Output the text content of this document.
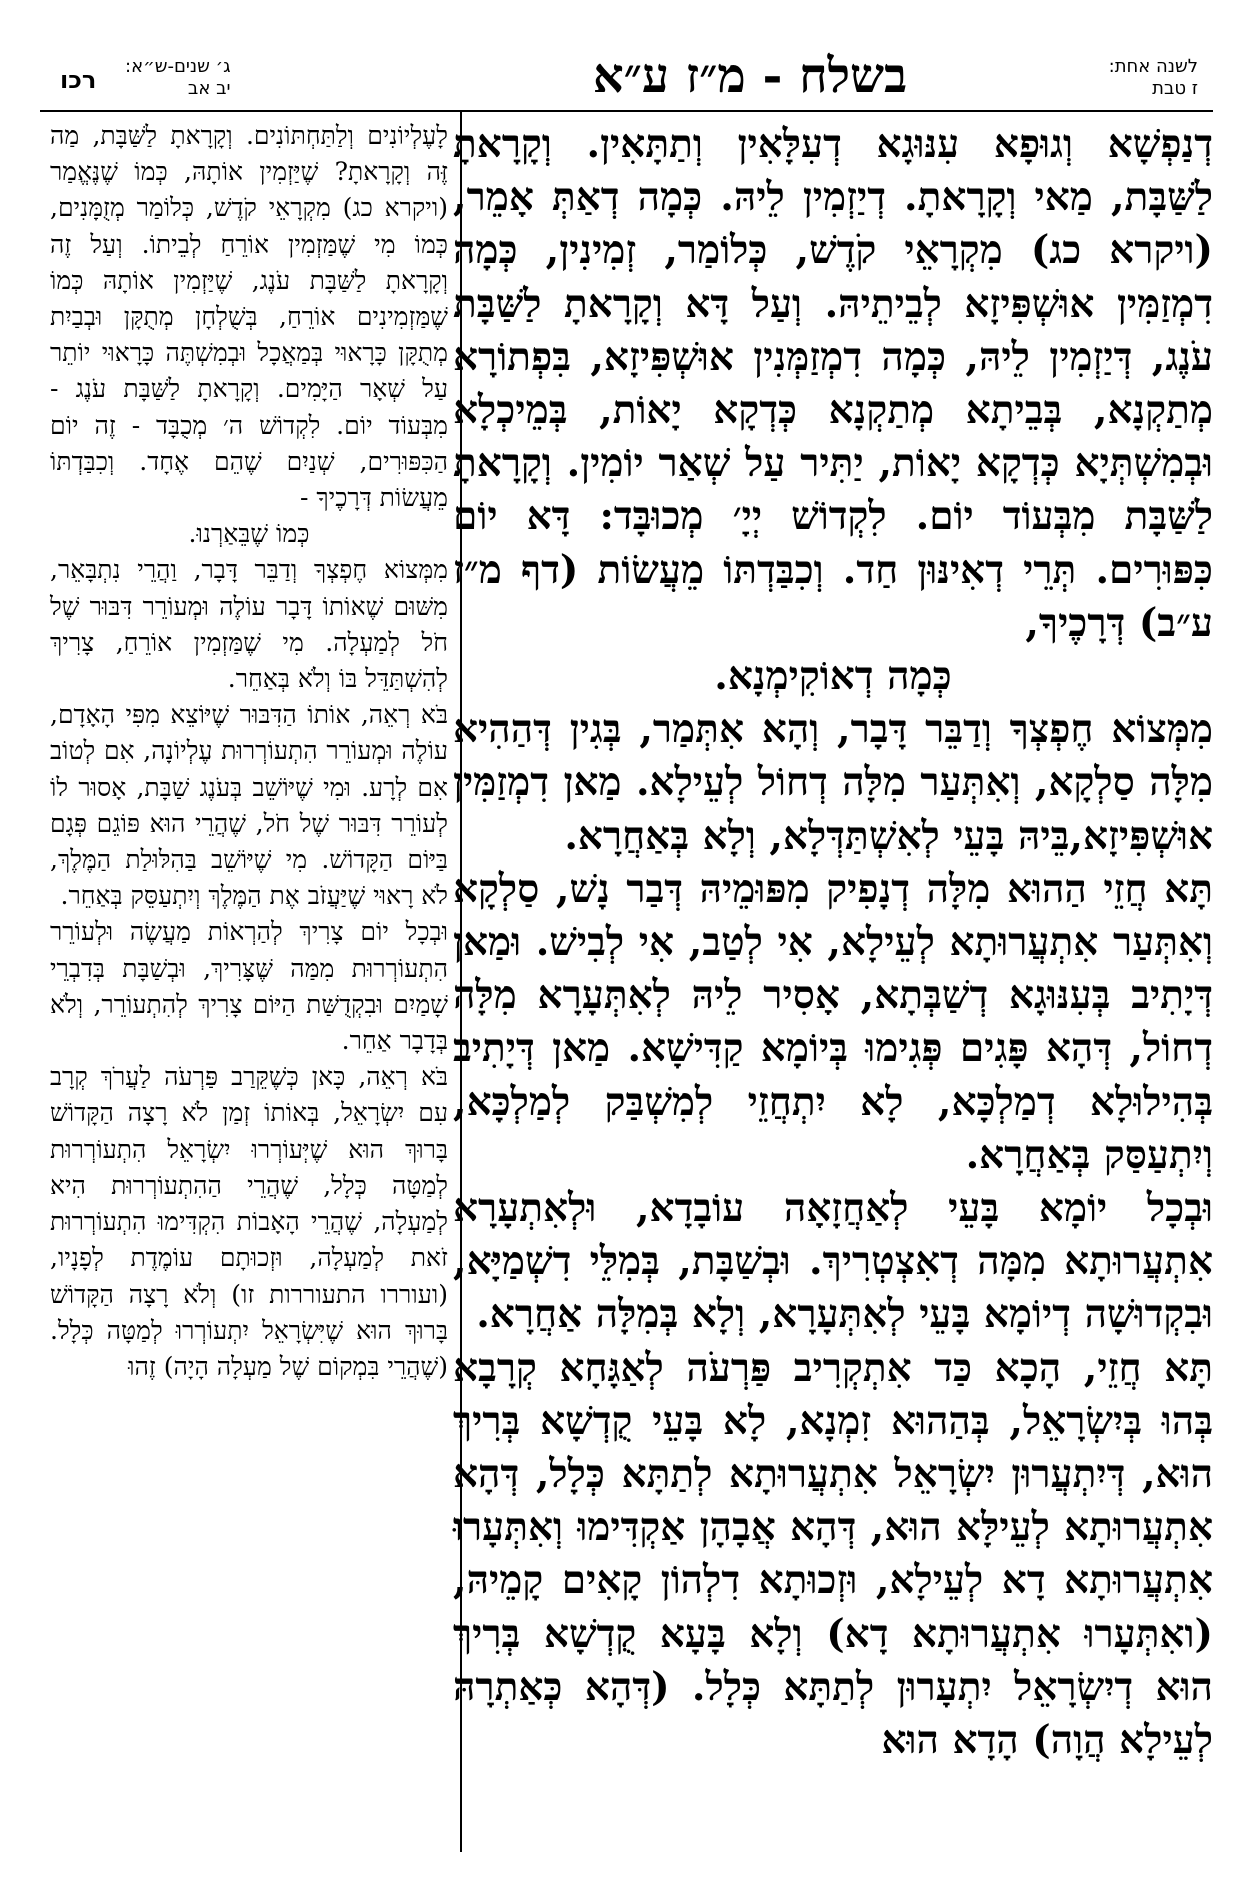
לשנה אחת:
ז טבת
בשלח - מ״ז ע״א
ג׳ שנים-ש״א:
יב אב
רכו

דְנַפְשָׁא וְגוּפָא עִנּוּגָא דְעִלָּאִין וְתַתָּאִין. וְקָרָאתָ לַשַּׁבָּת, מַאי וְקָרָאתָ. דְיַזְמִין לֵיהּ. כְּמָה דְאַתְּ אָמֵר, (ויקרא כג) מִקְרָאֵי קֹדֶשׁ, כְּלוֹמַר, זְמִינִין, כְּמָה דִמְזַמִּין אוּשְׁפִּיזָא לְבֵיתֵיהּ. וְעַל דָּא וְקָרָאתָ לַשַּׁבָּת עֹנֶג, דְּיַזְמִין לֵיהּ, כְּמָה דִמְזַמְּנִין אוּשְׁפִּיזָא, בִּפְתוֹרָא מְתַקְנָא, בְּבֵיתָא מְתַקְנָא כְּדְקָא יָאוֹת, בְּמֵיכְלָא וּבְמִשְׁתְּיָא כְּדְקָא יָאוֹת, יַתִּיר עַל שְׁאַר יוֹמִין. וְקָרָאתָ לַשַּׁבָּת מִבְּעוֹד יוֹם. לִקְדוֹשׁ יְיָ׳ מְכוּבָּד: דָּא יוֹם כִּפּוּרִים. תְּרֵי דְאִינּוּן חַד. וְכִבַּדְתּוֹ מֵעֲשׂוֹת (דף מ״ז ע״ב) דְּרָכֶיךָ,

כְּמָה דְאוֹקִימְנָא.

מִמְּצוֹא חֶפְצְךָ וְדַבֵּר דָּבָר, וְהָא אִתְּמַר, בְּגִין דְּהַהִיא מִלָּה סַלְקָא, וְאִתְּעַר מִלָּה דְחוֹל לְעֵילָא. מַאן דִמְזַמִּין אוּשְׁפִּיזָא,בֵּיהּ בָּעֵי לְאִשְׁתַּדְּלָא, וְלָא בְּאַחֲרָא.

תָּא חֲזֵי הַהוּא מִלָּה דְנָפִיק מִפּוּמֵיהּ דְּבַר נָשׁ, סַלְקָא וְאִתְּעַר אִתְעֲרוּתָא לְעֵילָא, אִי לְטַב, אִי לְבִישׁ. וּמַאן דְּיָתִיב בְּעִנּוּגָא דְשַׁבְּתָא, אָסִיר לֵיהּ לְאִתְּעָרָא מִלָּה דְחוֹל, דְּהָא פָּגִים פְּגִימוּ בְּיוֹמָא קַדִּישָׁא. מַאן דְּיָתִיב בְּהִילוּלָא דְמַלְכָּא, לָא יִתְחֲזֵי לְמִשְׁבַּק לְמַלְכָּא, וְיִתְעַסַּק בְּאַחֲרָא.

וּבְכָל יוֹמָא בָּעֵי לְאַחֲזָאָה עוֹבָדָא, וּלְאִתְעָרָא אִתְעֲרוּתָא מִמָּה דְאִצְטְרִיךְ. וּבְשַׁבָּת, בְּמִלֵּי דִשְׁמַיָּא, וּבִקְדוּשָׁה דְיוֹמָא בָּעֵי לְאִתְּעָרָא, וְלָא בְּמִלָּה אַחֲרָא.

תָּא חֲזֵי, הָכָא כַּד אִתְקְרִיב פַּרְעֹה לְאַגָּחָא קְרָבָא בְּהוּ בְּיִשְׂרָאֵל, בְּהַהוּא זִמְנָא, לָא בָּעֵי קֻדְשָׁא בְּרִיךְ הוּא, דְּיִתְעֲרוּן יִשְׂרָאֵל אִתְעֲרוּתָא לְתַתָּא כְּלָל, דְּהָא אִתְעֲרוּתָא לְעֵילָּא הוּא, דְּהָא אֲבָהָן אַקְדִּימוּ וְאִתְּעָרוּ אִתְעֲרוּתָא דָא לְעֵילָא, וּזְכוּתָא דִלְהוֹן קָאִים קָמֵיהּ, (ואִתְּעָרוּ אִתְעֲרוּתָא דָא) וְלָא בָּעָא קֻדְשָׁא בְּרִיךְ הוּא דְיִשְׂרָאֵל יִתְעָרוּן לְתַתָּא כְּלָל. (דְּהָא כְּאַתְרָהּ לְעֵילָא הֲוָה) הָדָא הוּא

לָעֶלְיוֹנִים וְלַתַּחְתּוֹנִים. וְקָרָאתָ לַשַּׁבָּת, מַה זֶּה וְקָרָאתָ? שֶׁיַּזְמִין אוֹתָהּ, כְּמוֹ שֶׁנֶּאֱמַר (ויקרא כג) מִקְרָאֵי קֹדֶשׁ, כְּלוֹמַר מְזֻמָּנִים, כְּמוֹ מִי שֶׁמַּזְמִין אוֹרֵחַ לְבֵיתוֹ. וְעַל זֶה וְקָרָאתָ לַשַּׁבָּת עֹנֶג, שֶׁיַּזְמִין אוֹתָהּ כְּמוֹ שֶׁמַּזְמִינִים אוֹרֵחַ, בְּשֻׁלְחָן מְתֻקָּן וּבְבַיִת מְתֻקָּן כָּרָאוּי בְּמַאֲכָל וּבְמִשְׁתֶּה כָּרָאוּי יוֹתֵר עַל שְׁאָר הַיָּמִים. וְקָרָאתָ לַשַּׁבָּת עֹנֶג - מִבְּעוֹד יוֹם. לִקְדוֹשׁ ה׳ מְכֻבָּד - זֶה יוֹם הַכִּפּוּרִים, שְׁנַיִם שֶׁהֵם אֶחָד. וְכִבַּדְתּוֹ מֵעֲשׂוֹת דְּרָכֶיךָ -

כְּמוֹ שֶׁבֵּאַרְנוּ.

מִמְּצוֹא חֶפְצְךָ וְדַבֵּר דָּבָר, וַהֲרֵי נִתְבָּאֵר, מִשּׁוּם שֶׁאוֹתוֹ דָּבָר עוֹלֶה וּמְעוֹרֵר דִּבּוּר שֶׁל חֹל לְמַעְלָה. מִי שֶׁמַּזְמִין אוֹרֵחַ, צָרִיךְ לְהִשְׁתַּדֵּל בּוֹ וְלֹא בְּאַחֵר.

בֹּא רְאֵה, אוֹתוֹ הַדִּבּוּר שֶׁיּוֹצֵא מִפִּי הָאָדָם, עוֹלֶה וּמְעוֹרֵר הִתְעוֹרְרוּת עֶלְיוֹנָה, אִם לְטוֹב אִם לְרָע. וּמִי שֶׁיּוֹשֵׁב בְּעֹנֶג שַׁבָּת, אָסוּר לוֹ לְעוֹרֵר דִּבּוּר שֶׁל חֹל, שֶׁהֲרֵי הוּא פּוֹגֵם פְּגָם בַּיּוֹם הַקָּדוֹשׁ. מִי שֶׁיּוֹשֵׁב בַּהִלּוּלַת הַמֶּלֶךְ, לֹא רָאוּי שֶׁיַּעֲזֹב אֶת הַמֶּלֶךְ וְיִתְעַסֵּק בְּאַחֵר.

וּבְכָל יוֹם צָרִיךְ לְהַרְאוֹת מַעֲשֶׂה וּלְעוֹרֵר הִתְעוֹרְרוּת מִמַּה שֶּׁצָּרִיךְ, וּבְשַׁבָּת בְּדִבְרֵי שָׁמַיִם וּבִקְדֻשַּׁת הַיּוֹם צָרִיךְ לְהִתְעוֹרֵר, וְלֹא בְּדָבָר אַחֵר.

בֹּא רְאֵה, כָּאן כְּשֶׁקֵּרַב פַּרְעֹה לַעֲרֹךְ קְרָב עִם יִשְׂרָאֵל, בְּאוֹתוֹ זְמַן לֹא רָצָה הַקָּדוֹשׁ בָּרוּךְ הוּא שֶׁיְּעוֹרְרוּ יִשְׂרָאֵל הִתְעוֹרְרוּת לְמַטָּה כְּלָל, שֶׁהֲרֵי הַהִתְעוֹרְרוּת הִיא לְמַעְלָה, שֶׁהֲרֵי הָאָבוֹת הִקְדִּימוּ הִתְעוֹרְרוּת זֹאת לְמַעְלָה, וּזְכוּתָם עוֹמֶדֶת לְפָנָיו, (ועוררו התעוררות זו) וְלֹא רָצָה הַקָּדוֹשׁ בָּרוּךְ הוּא שֶׁיִּשְׂרָאֵל יִתְעוֹרְרוּ לְמַטָּה כְּלָל. (שֶׁהֲרֵי בִּמְקוֹם שֶׁל מַעְלָה הָיָה) זֶהוּ
